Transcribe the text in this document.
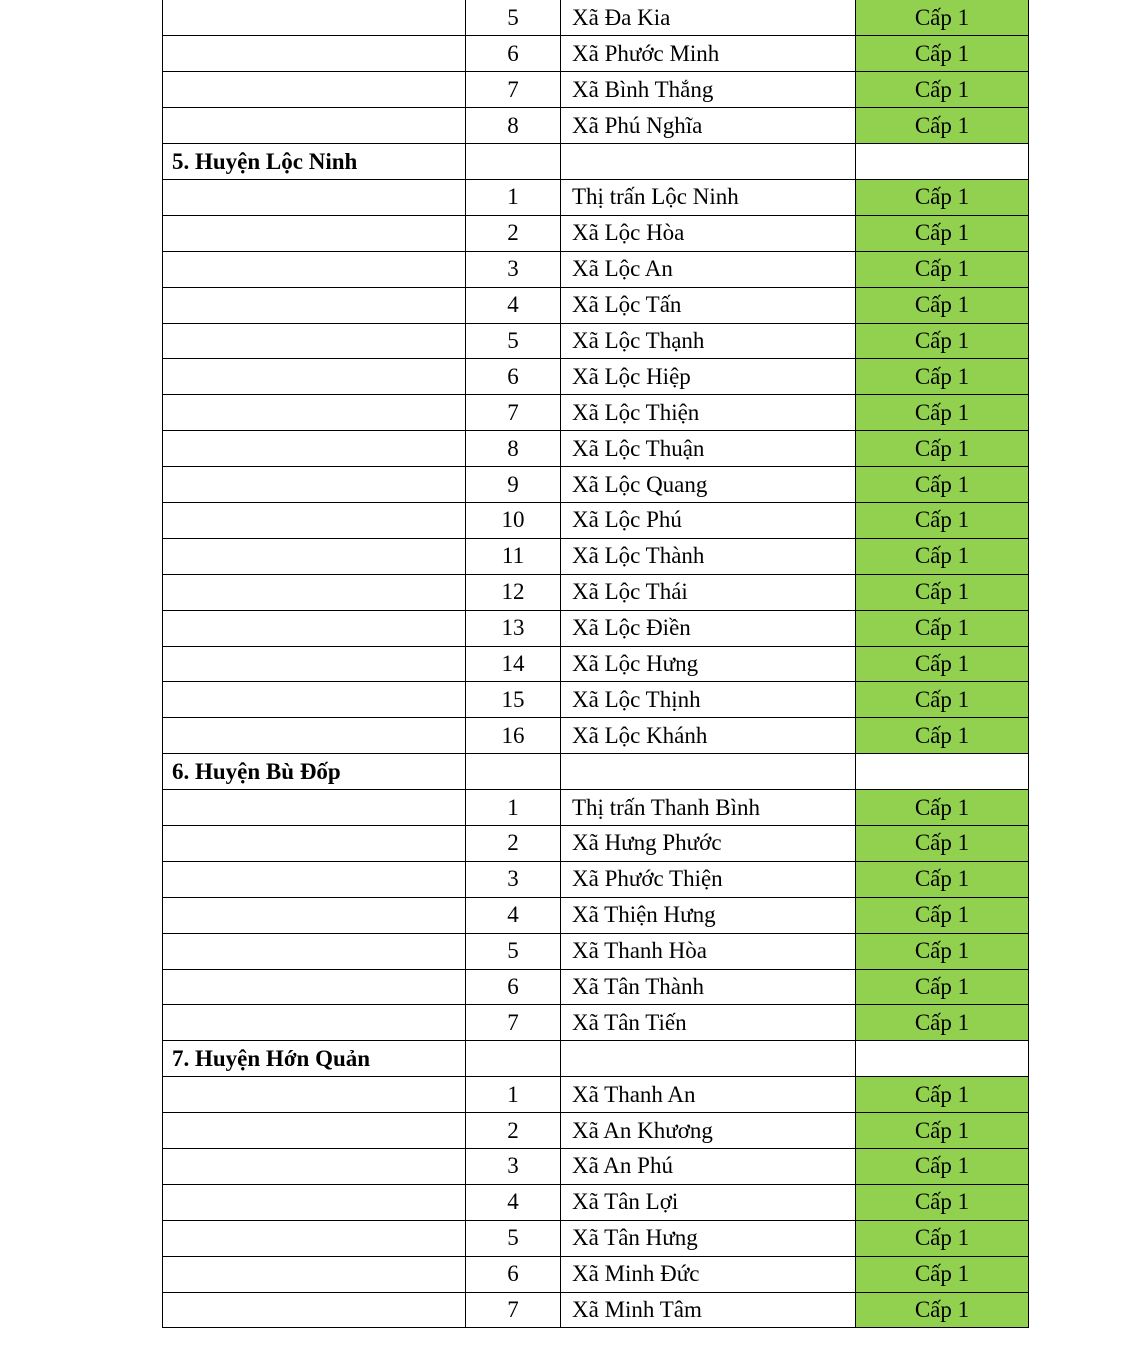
	5	Xã Đa Kia	Cấp 1
	6	Xã Phước Minh	Cấp 1
	7	Xã Bình Thắng	Cấp 1
	8	Xã Phú Nghĩa	Cấp 1
5. Huyện Lộc Ninh			
	1	Thị trấn Lộc Ninh	Cấp 1
	2	Xã Lộc Hòa	Cấp 1
	3	Xã Lộc An	Cấp 1
	4	Xã Lộc Tấn	Cấp 1
	5	Xã Lộc Thạnh	Cấp 1
	6	Xã Lộc Hiệp	Cấp 1
	7	Xã Lộc Thiện	Cấp 1
	8	Xã Lộc Thuận	Cấp 1
	9	Xã Lộc Quang	Cấp 1
	10	Xã Lộc Phú	Cấp 1
	11	Xã Lộc Thành	Cấp 1
	12	Xã Lộc Thái	Cấp 1
	13	Xã Lộc Điền	Cấp 1
	14	Xã Lộc Hưng	Cấp 1
	15	Xã Lộc Thịnh	Cấp 1
	16	Xã Lộc Khánh	Cấp 1
6. Huyện Bù Đốp			
	1	Thị trấn Thanh Bình	Cấp 1
	2	Xã Hưng Phước	Cấp 1
	3	Xã Phước Thiện	Cấp 1
	4	Xã Thiện Hưng	Cấp 1
	5	Xã Thanh Hòa	Cấp 1
	6	Xã Tân Thành	Cấp 1
	7	Xã Tân Tiến	Cấp 1
7. Huyện Hớn Quản			
	1	Xã Thanh An	Cấp 1
	2	Xã An Khương	Cấp 1
	3	Xã An Phú	Cấp 1
	4	Xã Tân Lợi	Cấp 1
	5	Xã Tân Hưng	Cấp 1
	6	Xã Minh Đức	Cấp 1
	7	Xã Minh Tâm	Cấp 1
